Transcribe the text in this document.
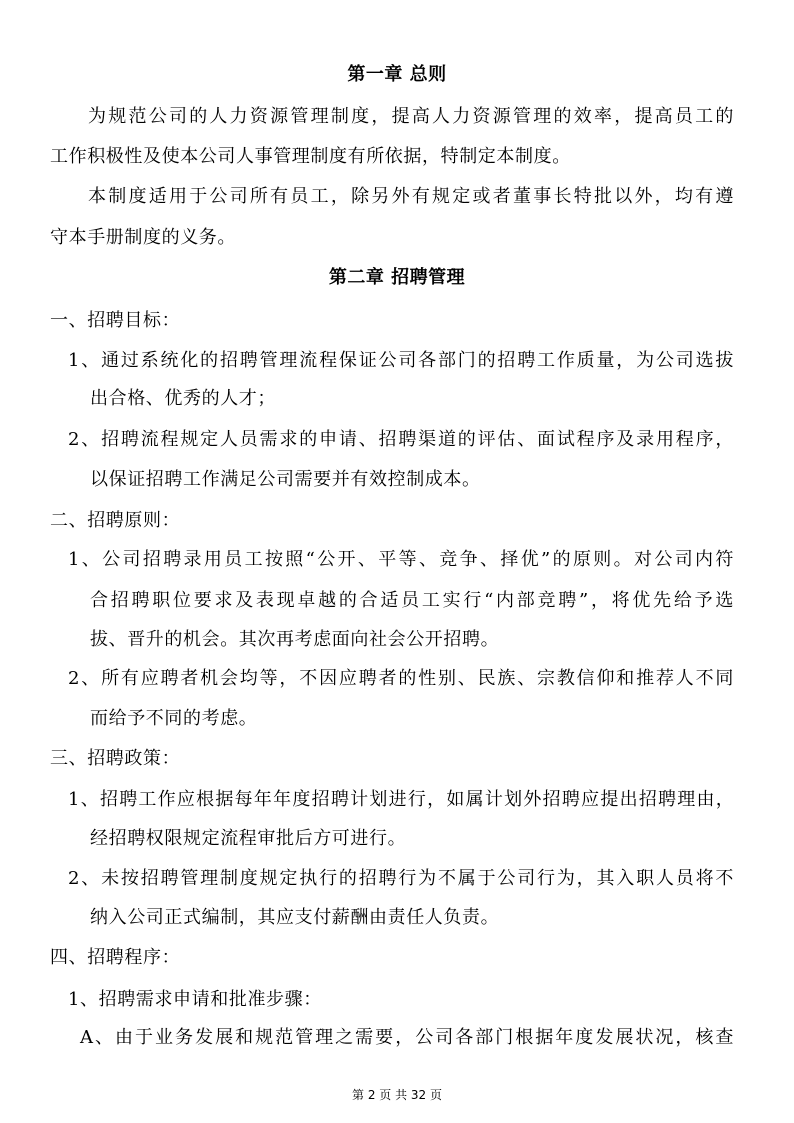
第一章 总则
为规范公司的人力资源管理制度，提高人力资源管理的效率，提高员工的
工作积极性及使本公司人事管理制度有所依据，特制定本制度。
本制度适用于公司所有员工，除另外有规定或者董事长特批以外，均有遵
守本手册制度的义务。
第二章 招聘管理
一、招聘目标：
1、通过系统化的招聘管理流程保证公司各部门的招聘工作质量，为公司选拔
出合格、优秀的人才；
2、招聘流程规定人员需求的申请、招聘渠道的评估、面试程序及录用程序，
以保证招聘工作满足公司需要并有效控制成本。
二、招聘原则：
1、公司招聘录用员工按照“公开、平等、竞争、择优”的原则。对公司内符
合招聘职位要求及表现卓越的合适员工实行“内部竞聘”，将优先给予选
拔、晋升的机会。其次再考虑面向社会公开招聘。
2、所有应聘者机会均等，不因应聘者的性别、民族、宗教信仰和推荐人不同
而给予不同的考虑。
三、招聘政策：
1、招聘工作应根据每年年度招聘计划进行，如属计划外招聘应提出招聘理由，
经招聘权限规定流程审批后方可进行。
2、未按招聘管理制度规定执行的招聘行为不属于公司行为，其入职人员将不
纳入公司正式编制，其应支付薪酬由责任人负责。
四、招聘程序：
1、招聘需求申请和批准步骤：
A、由于业务发展和规范管理之需要，公司各部门根据年度发展状况，核查
第 2 页 共 32 页
